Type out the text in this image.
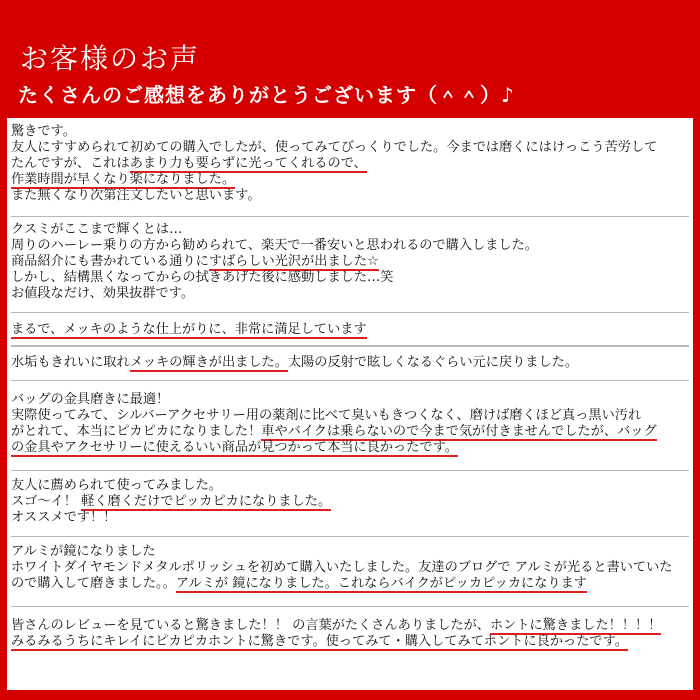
お客様のお声
たくさんのご感想をありがとうございます（＾＾）♪
驚きです。
友人にすすめられて初めての購入でしたが、使ってみてびっくりでした。今までは磨くにはけっこう苦労して
たんですが、これはあまり力も要らずに光ってくれるので、
作業時間が早くなり楽になりました。
また無くなり次第注文したいと思います。
クスミがここまで輝くとは…
周りのハーレー乗りの方から勧められて、楽天で一番安いと思われるので購入しました。
商品紹介にも書かれている通りにすばらしい光沢が出ました☆
しかし、結構黒くなってからの拭きあげた後に感動しました…笑
お値段なだけ、効果抜群です。
まるで、メッキのような仕上がりに、非常に満足しています
水垢もきれいに取れメッキの輝きが出ました。太陽の反射で眩しくなるぐらい元に戻りました。
バッグの金具磨きに最適！
実際使ってみて、シルバーアクセサリー用の薬剤に比べて臭いもきつくなく、磨けば磨くほど真っ黒い汚れ
がとれて、本当にピカピカになりました！車やバイクは乗らないので今まで気が付きませんでしたが、バッグ
の金具やアクセサリーに使えるいい商品が見つかって本当に良かったです。
友人に薦められて使ってみました。
スゴ～イ！ 軽く磨くだけでピッカピカになりました。
オススメです！！
アルミが鏡になりました
ホワイトダイヤモンドメタルポリッシュを初めて購入いたしました。友達のブログで アルミが光ると書いていた
ので購入して磨きました。。アルミが 鏡になりました。これならバイクがピッカピッカになります
皆さんのレビューを見ていると驚きました！！ の言葉がたくさんありましたが、ホントに驚きました！！！！
みるみるうちにキレイにピカピカホントに驚きです。使ってみて・購入してみてホントに良かったです。
